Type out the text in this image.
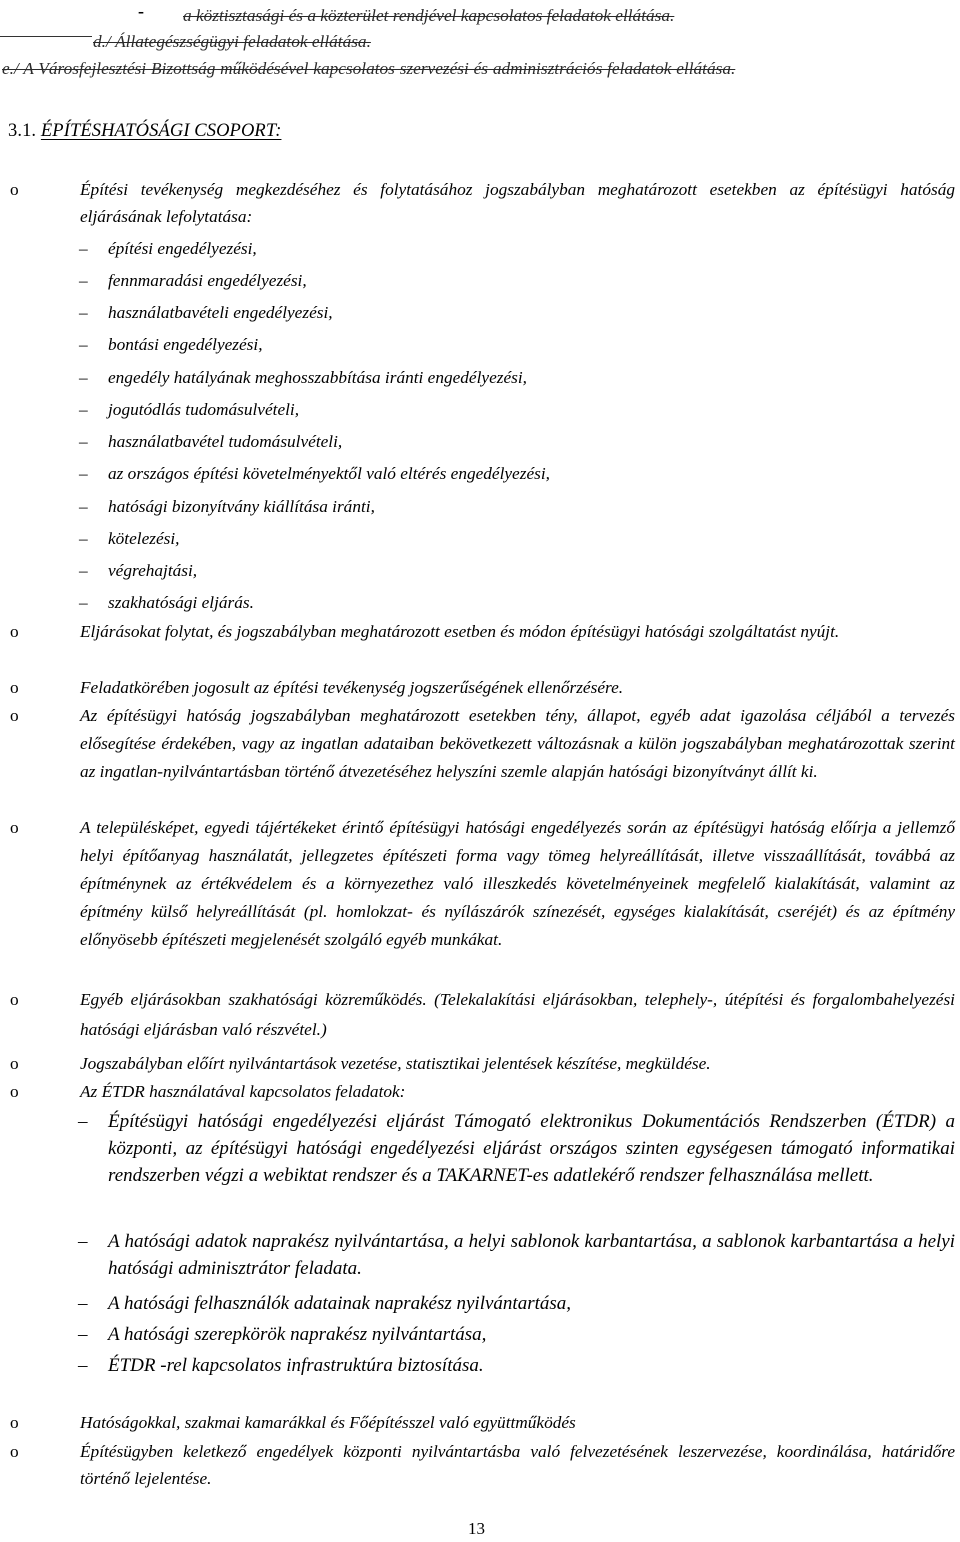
- a köztisztasági és a közterület rendjével kapcsolatos feladatok ellátása.
d./ Állategészségügyi feladatok ellátása.
e./ A Városfejlesztési Bizottság működésével kapcsolatos szervezési és adminisztrációs feladatok ellátása.
3.1. ÉPÍTÉSHATÓSÁGI CSOPORT:
o	Építési tevékenység megkezdéséhez és folytatásához jogszabályban meghatározott esetekben az építésügyi hatóság eljárásának lefolytatása:
– építési engedélyezési,
– fennmaradási engedélyezési,
– használatbavételi engedélyezési,
– bontási engedélyezési,
– engedély hatályának meghosszabbítása iránti engedélyezési,
– jogutódlás tudomásulvételi,
– használatbavétel tudomásulvételi,
– az országos építési követelményektől való eltérés engedélyezési,
– hatósági bizonyítvány kiállítása iránti,
– kötelezési,
– végrehajtási,
– szakhatósági eljárás.
o	Eljárásokat folytat, és jogszabályban meghatározott esetben és módon építésügyi hatósági szolgáltatást nyújt.
o	Feladatkörében jogosult az építési tevékenység jogszerűségének ellenőrzésére.
o	Az építésügyi hatóság jogszabályban meghatározott esetekben tény, állapot, egyéb adat igazolása céljából a tervezés elősegítése érdekében, vagy az ingatlan adataiban bekövetkezett változásnak a külön jogszabályban meghatározottak szerint az ingatlan-nyilvántartásban történő átvezetéséhez helyszíni szemle alapján hatósági bizonyítványt állít ki.
o	A településképet, egyedi tájértékeket érintő építésügyi hatósági engedélyezés során az építésügyi hatóság előírja a jellemző helyi építőanyag használatát, jellegzetes építészeti forma vagy tömeg helyreállítását, illetve visszaállítását, továbbá az építménynek az értékvédelem és a környezethez való illeszkedés követelményeinek megfelelő kialakítását, valamint az építmény külső helyreállítását (pl. homlokzat- és nyílászárók színezését, egységes kialakítását, cseréjét) és az építmény előnyösebb építészeti megjelenését szolgáló egyéb munkákat.
o	Egyéb eljárásokban szakhatósági közreműködés. (Telekalakítási eljárásokban, telephely-, útépítési és forgalombahelyezési hatósági eljárásban való részvétel.)
o	Jogszabályban előírt nyilvántartások vezetése, statisztikai jelentések készítése, megküldése.
o	Az ÉTDR használatával kapcsolatos feladatok:
– Építésügyi hatósági engedélyezési eljárást Támogató elektronikus Dokumentációs Rendszerben (ÉTDR) a központi, az építésügyi hatósági engedélyezési eljárást országos szinten egységesen támogató informatikai rendszerben végzi a webiktat rendszer és a TAKARNET-es adatlekérő rendszer felhasználása mellett.
– A hatósági adatok naprakész nyilvántartása, a helyi sablonok karbantartása, a sablonok karbantartása a helyi hatósági adminisztrátor feladata.
– A hatósági felhasználók adatainak naprakész nyilvántartása,
– A hatósági szerepkörök naprakész nyilvántartása,
– ÉTDR -rel kapcsolatos infrastruktúra biztosítása.
o	Hatóságokkal, szakmai kamarákkal és Főépítésszel való együttműködés
o	Építésügyben keletkező engedélyek központi nyilvántartásba való felvezetésének leszervezése, koordinálása, határidőre történő lejelentése.
13
